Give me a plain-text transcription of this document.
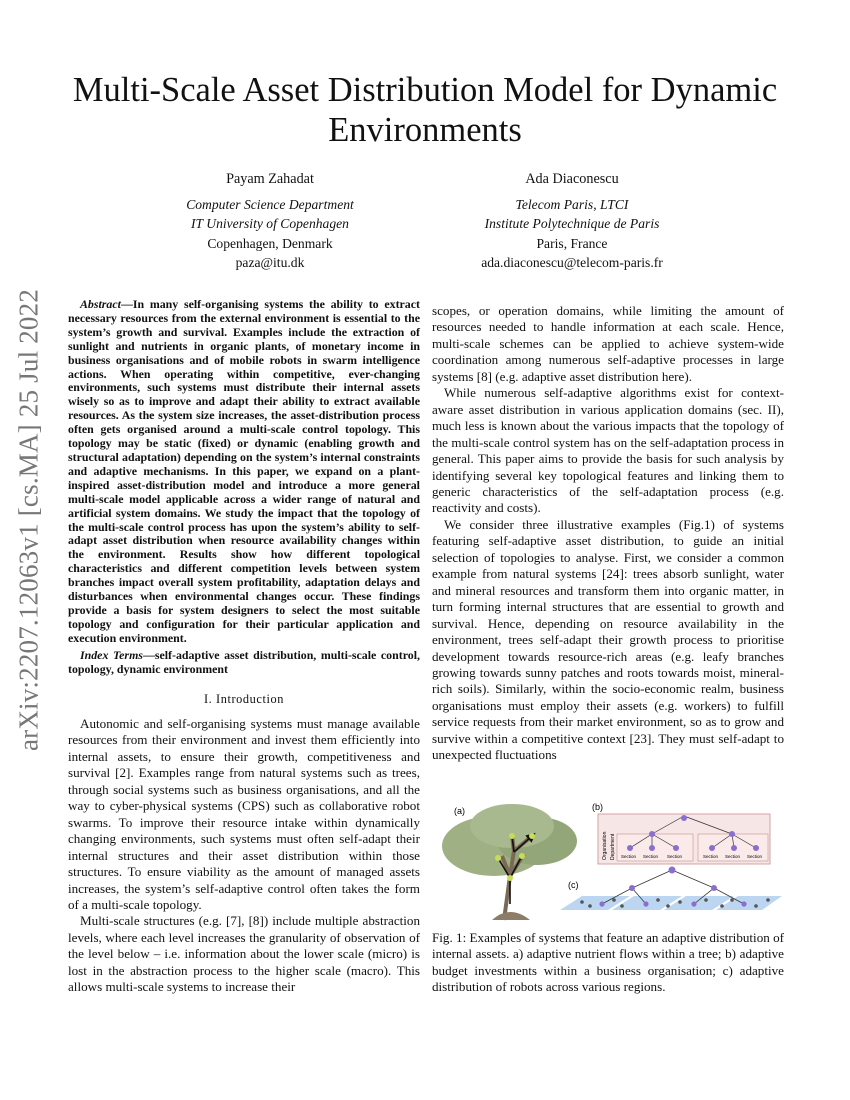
arXiv:2207.12063v1 [cs.MA] 25 Jul 2022
Multi-Scale Asset Distribution Model for Dynamic Environments
Payam Zahadat
Computer Science Department
IT University of Copenhagen
Copenhagen, Denmark
paza@itu.dk
Ada Diaconescu
Telecom Paris, LTCI
Institute Polytechnique de Paris
Paris, France
ada.diaconescu@telecom-paris.fr
Abstract—In many self-organising systems the ability to extract necessary resources from the external environment is essential to the system’s growth and survival. Examples include the extraction of sunlight and nutrients in organic plants, of monetary income in business organisations and of mobile robots in swarm intelligence actions. When operating within competitive, ever-changing environments, such systems must distribute their internal assets wisely so as to improve and adapt their ability to extract available resources. As the system size increases, the asset-distribution process often gets organised around a multi-scale control topology. This topology may be static (fixed) or dynamic (enabling growth and structural adaptation) depending on the system’s internal constraints and adaptive mechanisms. In this paper, we expand on a plant-inspired asset-distribution model and introduce a more general multi-scale model applicable across a wider range of natural and artificial system domains. We study the impact that the topology of the multi-scale control process has upon the system’s ability to self-adapt asset distribution when resource availability changes within the environment. Results show how different topological characteristics and different competition levels between system branches impact overall system profitability, adaptation delays and disturbances when environmental changes occur. These findings provide a basis for system designers to select the most suitable topology and configuration for their particular application and execution environment.
Index Terms—self-adaptive asset distribution, multi-scale control, topology, dynamic environment
I. Introduction

Autonomic and self-organising systems must manage available resources from their environment and invest them efficiently into internal assets, to ensure their growth, competitiveness and survival [2]. Examples range from natural systems such as trees, through social systems such as business organisations, and all the way to cyber-physical systems (CPS) such as collaborative robot swarms. To improve their resource intake within dynamically changing environments, such systems must often self-adapt their internal structures and their asset distribution within those structures. To ensure viability as the amount of managed assets increases, the system’s self-adaptive control often takes the form of a multi-scale topology.

Multi-scale structures (e.g. [7], [8]) include multiple abstraction levels, where each level increases the granularity of observation of the level below – i.e. information about the lower scale (micro) is lost in the abstraction process to the higher scale (macro). This allows multi-scale systems to increase their

scopes, or operation domains, while limiting the amount of resources needed to handle information at each scale. Hence, multi-scale schemes can be applied to achieve system-wide coordination among numerous self-adaptive processes in large systems [8] (e.g. adaptive asset distribution here).

While numerous self-adaptive algorithms exist for context-aware asset distribution in various application domains (sec. II), much less is known about the various impacts that the topology of the multi-scale control system has on the self-adaptation process in general. This paper aims to provide the basis for such analysis by identifying several key topological features and linking them to generic characteristics of the self-adaptation process (e.g. reactivity and costs).

We consider three illustrative examples (Fig.1) of systems featuring self-adaptive asset distribution, to guide an initial selection of topologies to analyse. First, we consider a common example from natural systems [24]: trees absorb sunlight, water and mineral resources and transform them into organic matter, in turn forming internal structures that are essential to growth and survival. Hence, depending on resource availability in the environment, trees self-adapt their growth process to prioritise development towards resource-rich areas (e.g. leafy branches growing towards sunny patches and roots towards moist, mineral-rich soils). Similarly, within the socio-economic realm, business organisations must employ their assets (e.g. workers) to fulfill service requests from their market environment, so as to grow and survive within a competitive context [23]. They must self-adapt to unexpected fluctuations

(a)	(b)
Organisation Department Section Section Section	Section Section Section
(c)
Fig. 1: Examples of systems that feature an adaptive distribution of internal assets. a) adaptive nutrient flows within a tree; b) adaptive budget investments within a business organisation; c) adaptive distribution of robots across various regions.
